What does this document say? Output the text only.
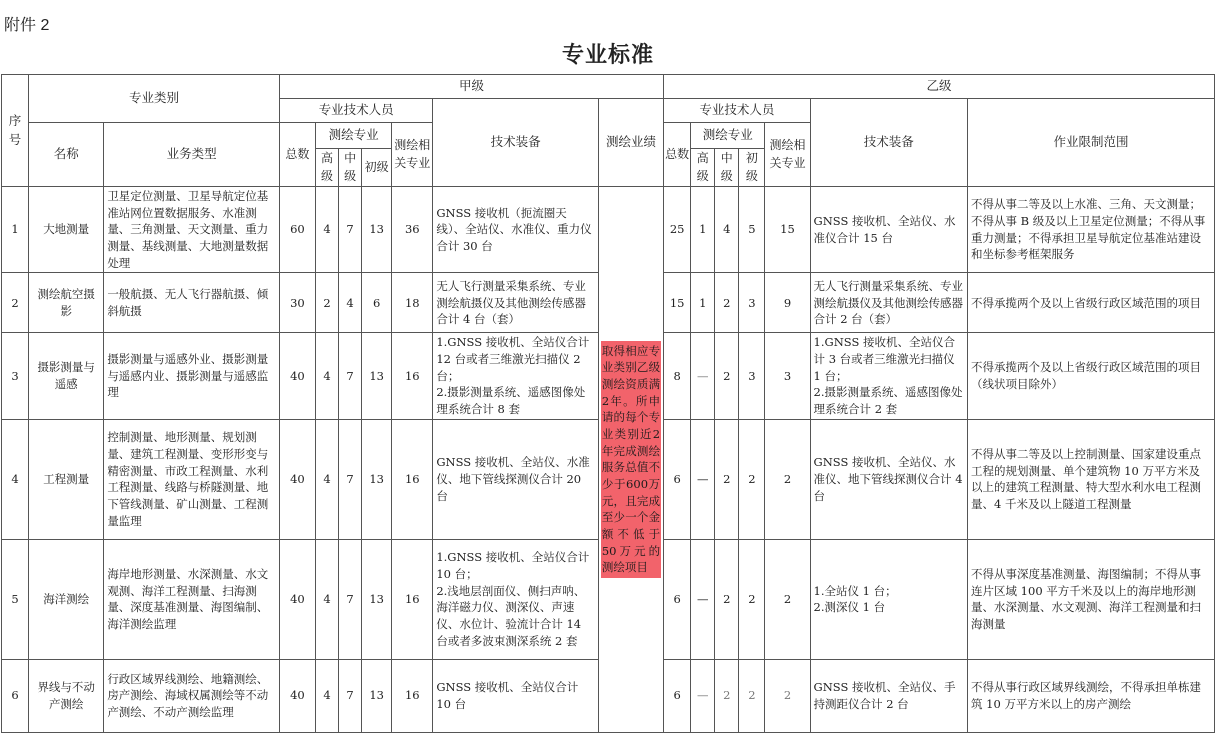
附件 2
专业标准
序号	专业类别		甲级							乙级						
			专业技术人员					技术装备	测绘业绩	专业技术人员					技术装备	作业限制范围
	名称	业务类型	总数	测绘专业			测绘相关专业			总数	测绘专业			测绘相关专业		
				高级	中级	初级					高级	中级	初级			
1	大地测量	卫星定位测量、卫星导航定位基准站网位置数据服务、水准测量、三角测量、天文测量、重力测量、基线测量、大地测量数据处理	60	4	7	13	36	GNSS 接收机（扼流圈天线）、全站仪、水准仪、重力仪合计 30 台	取得相应专业类别乙级测绘资质满2年。所申请的每个专业类别近2年完成测绘服务总值不少于600万元，且完成至少一个金额不低于50万元的测绘项目	25	1	4	5	15	GNSS 接收机、全站仪、水准仪合计 15 台	不得从事二等及以上水准、三角、天文测量；不得从事 B 级及以上卫星定位测量；不得从事重力测量；不得承担卫星导航定位基准站建设和坐标参考框架服务
2	测绘航空摄影	一般航摄、无人飞行器航摄、倾斜航摄	30	2	4	6	18	无人飞行测量采集系统、专业测绘航摄仪及其他测绘传感器合计 4 台（套）		15	1	2	3	9	无人飞行测量采集系统、专业测绘航摄仪及其他测绘传感器合计 2 台（套）	不得承揽两个及以上省级行政区域范围的项目
3	摄影测量与遥感	摄影测量与遥感外业、摄影测量与遥感内业、摄影测量与遥感监理	40	4	7	13	16	1.GNSS 接收机、全站仪合计 12 台或者三维激光扫描仪 2 台；
2.摄影测量系统、遥感图像处理系统合计 8 套		8	—	2	3	3	1.GNSS 接收机、全站仪合计 3 台或者三维激光扫描仪 1 台；
2.摄影测量系统、遥感图像处理系统合计 2 套	不得承揽两个及以上省级行政区域范围的项目（线状项目除外）
4	工程测量	控制测量、地形测量、规划测量、建筑工程测量、变形形变与精密测量、市政工程测量、水利工程测量、线路与桥隧测量、地下管线测量、矿山测量、工程测量监理	40	4	7	13	16	GNSS 接收机、全站仪、水准仪、地下管线探测仪合计 20 台		6	—	2	2	2	GNSS 接收机、全站仪、水准仪、地下管线探测仪合计 4 台	不得从事二等及以上控制测量、国家建设重点工程的规划测量、单个建筑物 10 万平方米及以上的建筑工程测量、特大型水利水电工程测量、4 千米及以上隧道工程测量
5	海洋测绘	海岸地形测量、水深测量、水文观测、海洋工程测量、扫海测量、深度基准测量、海图编制、海洋测绘监理	40	4	7	13	16	1.GNSS 接收机、全站仪合计 10 台；
2.浅地层剖面仪、侧扫声呐、海洋磁力仪、测深仪、声速仪、水位计、验流计合计 14 台或者多波束测深系统 2 套		6	—	2	2	2	1.全站仪 1 台；
2.测深仪 1 台	不得从事深度基准测量、海图编制；不得从事连片区域 100 平方千米及以上的海岸地形测量、水深测量、水文观测、海洋工程测量和扫海测量
6	界线与不动产测绘	行政区域界线测绘、地籍测绘、房产测绘、海域权属测绘等不动产测绘、不动产测绘监理	40	4	7	13	16	GNSS 接收机、全站仪合计 10 台		6	—	2	2	2	GNSS 接收机、全站仪、手持测距仪合计 2 台	不得从事行政区域界线测绘，不得承担单栋建筑 10 万平方米以上的房产测绘
